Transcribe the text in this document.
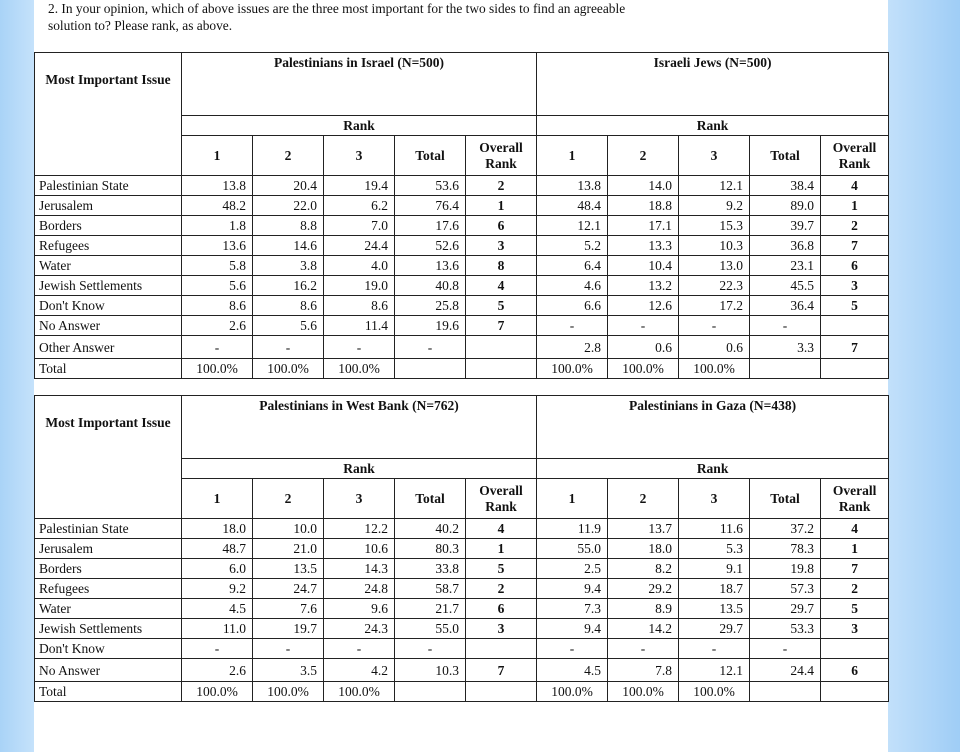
2. In your opinion, which of above issues are the three most important for the two sides to find an agreeable
solution to? Please rank, as above.

Most Important Issue	Palestinians in Israel (N=500)					Israeli Jews (N=500)				
	Rank					Rank				
	1	2	3	Total	Overall Rank	1	2	3	Total	Overall Rank
Palestinian State	13.8	20.4	19.4	53.6	2	13.8	14.0	12.1	38.4	4
Jerusalem	48.2	22.0	6.2	76.4	1	48.4	18.8	9.2	89.0	1
Borders	1.8	8.8	7.0	17.6	6	12.1	17.1	15.3	39.7	2
Refugees	13.6	14.6	24.4	52.6	3	5.2	13.3	10.3	36.8	7
Water	5.8	3.8	4.0	13.6	8	6.4	10.4	13.0	23.1	6
Jewish Settlements	5.6	16.2	19.0	40.8	4	4.6	13.2	22.3	45.5	3
Don't Know	8.6	8.6	8.6	25.8	5	6.6	12.6	17.2	36.4	5
No Answer	2.6	5.6	11.4	19.6	7	-	-	-	-	
Other Answer	-	-	-	-		2.8	0.6	0.6	3.3	7
Total	100.0%	100.0%	100.0%			100.0%	100.0%	100.0%		
Most Important Issue	Palestinians in West Bank (N=762)					Palestinians in Gaza (N=438)				
	Rank					Rank				
	1	2	3	Total	Overall Rank	1	2	3	Total	Overall Rank
Palestinian State	18.0	10.0	12.2	40.2	4	11.9	13.7	11.6	37.2	4
Jerusalem	48.7	21.0	10.6	80.3	1	55.0	18.0	5.3	78.3	1
Borders	6.0	13.5	14.3	33.8	5	2.5	8.2	9.1	19.8	7
Refugees	9.2	24.7	24.8	58.7	2	9.4	29.2	18.7	57.3	2
Water	4.5	7.6	9.6	21.7	6	7.3	8.9	13.5	29.7	5
Jewish Settlements	11.0	19.7	24.3	55.0	3	9.4	14.2	29.7	53.3	3
Don't Know	-	-	-	-		-	-	-	-	
No Answer	2.6	3.5	4.2	10.3	7	4.5	7.8	12.1	24.4	6
Total	100.0%	100.0%	100.0%			100.0%	100.0%	100.0%		
